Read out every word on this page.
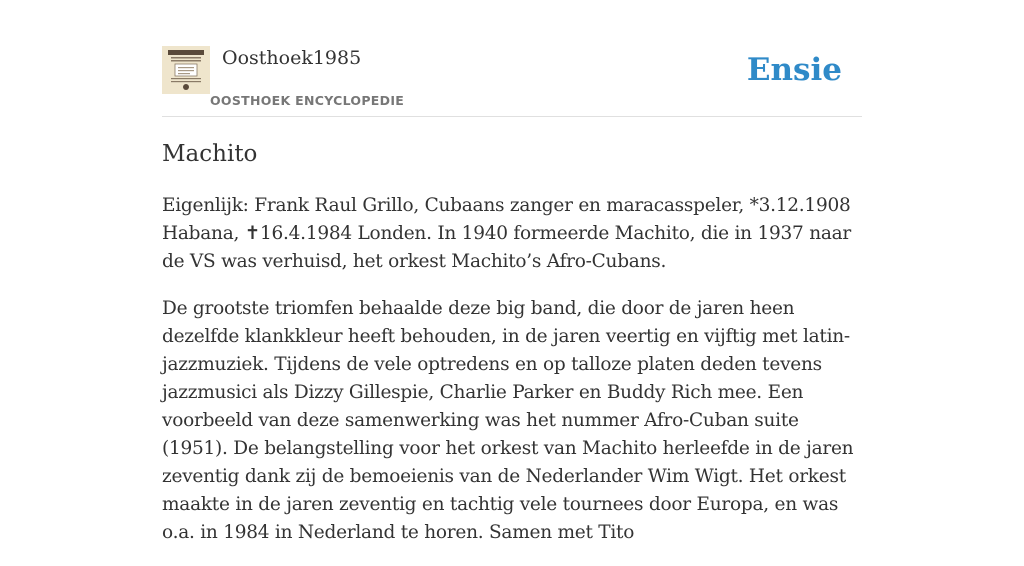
Oosthoek1985
OOSTHOEK ENCYCLOPEDIE
Ensie
Machito

Eigenlijk: Frank Raul Grillo, Cubaans zanger en maracasspeler, *3.12.1908 Habana, ✝16.4.1984 Londen. In 1940 formeerde Machito, die in 1937 naar de VS was verhuisd, het orkest Machito’s Afro-Cubans.

De grootste triomfen behaalde deze big band, die door de jaren heen dezelfde klankkleur heeft behouden, in de jaren veertig en vijftig met latin-jazzmuziek. Tijdens de vele optredens en op talloze platen deden tevens jazzmusici als Dizzy Gillespie, Charlie Parker en Buddy Rich mee. Een voorbeeld van deze samenwerking was het nummer Afro-Cuban suite (1951). De belangstelling voor het orkest van Machito herleefde in de jaren zeventig dank zij de bemoeienis van de Nederlander Wim Wigt. Het orkest maakte in de jaren zeventig en tachtig vele tournees door Europa, en was o.a. in 1984 in Nederland te horen. Samen met Tito
